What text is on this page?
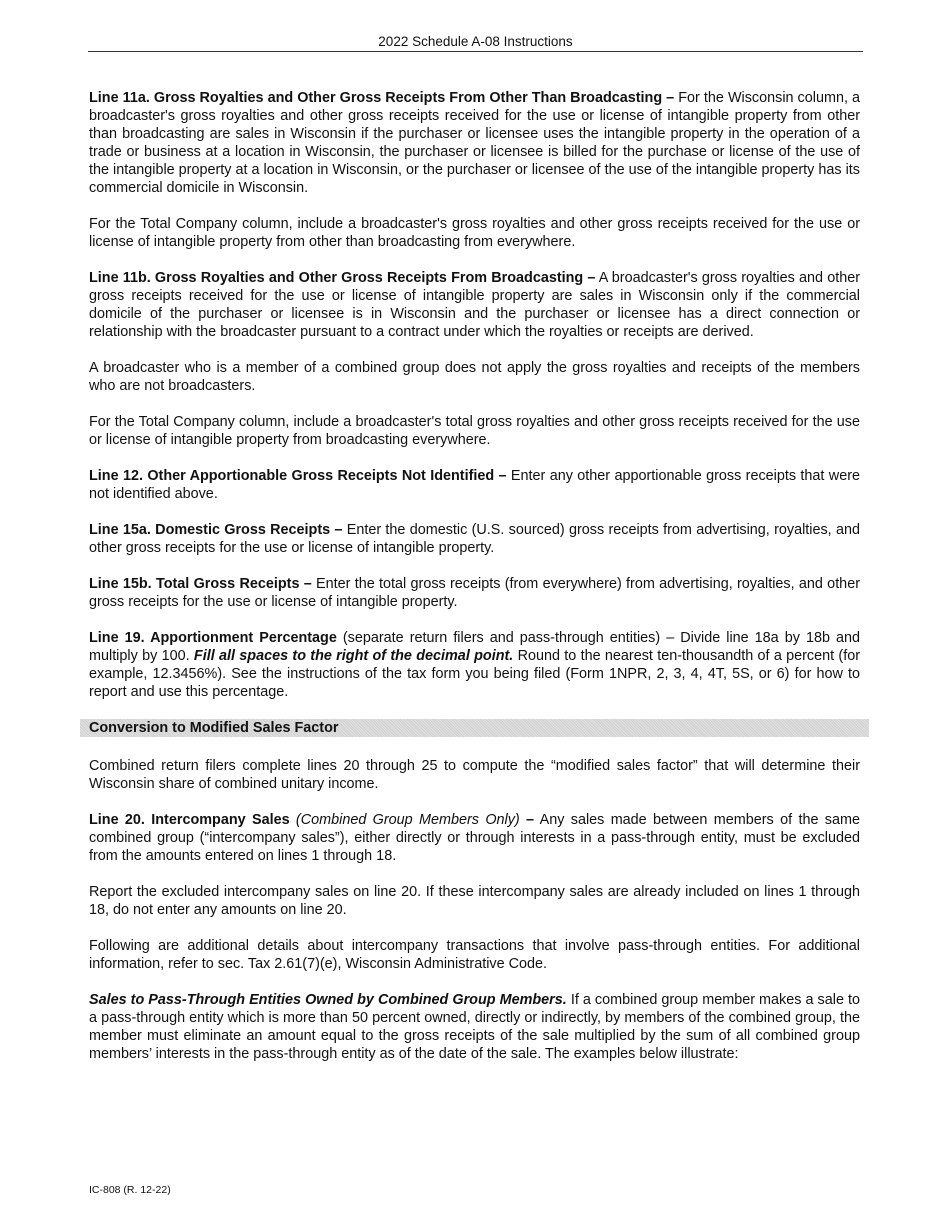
2022 Schedule A-08 Instructions

Line 11a. Gross Royalties and Other Gross Receipts From Other Than Broadcasting – For the Wisconsin column, a broadcaster's gross royalties and other gross receipts received for the use or license of intangible property from other than broadcasting are sales in Wisconsin if the purchaser or licensee uses the intangible property in the operation of a trade or business at a location in Wisconsin, the purchaser or licensee is billed for the purchase or license of the use of the intangible property at a location in Wisconsin, or the purchaser or licensee of the use of the intangible property has its commercial domicile in Wisconsin.

For the Total Company column, include a broadcaster's gross royalties and other gross receipts received for the use or license of intangible property from other than broadcasting from everywhere.

Line 11b. Gross Royalties and Other Gross Receipts From Broadcasting – A broadcaster's gross royalties and other gross receipts received for the use or license of intangible property are sales in Wisconsin only if the commercial domicile of the purchaser or licensee is in Wisconsin and the purchaser or licensee has a direct connection or relationship with the broadcaster pursuant to a contract under which the royalties or receipts are derived.

A broadcaster who is a member of a combined group does not apply the gross royalties and receipts of the members who are not broadcasters.

For the Total Company column, include a broadcaster's total gross royalties and other gross receipts received for the use or license of intangible property from broadcasting everywhere.

Line 12. Other Apportionable Gross Receipts Not Identified – Enter any other apportionable gross receipts that were not identified above.

Line 15a. Domestic Gross Receipts – Enter the domestic (U.S. sourced) gross receipts from advertising, royalties, and other gross receipts for the use or license of intangible property.

Line 15b. Total Gross Receipts – Enter the total gross receipts (from everywhere) from advertising, royalties, and other gross receipts for the use or license of intangible property.

Line 19. Apportionment Percentage (separate return filers and pass-through entities) – Divide line 18a by 18b and multiply by 100. Fill all spaces to the right of the decimal point. Round to the nearest ten-thousandth of a percent (for example, 12.3456%). See the instructions of the tax form you being filed (Form 1NPR, 2, 3, 4, 4T, 5S, or 6) for how to report and use this percentage.

Conversion to Modified Sales Factor

Combined return filers complete lines 20 through 25 to compute the “modified sales factor” that will determine their Wisconsin share of combined unitary income.

Line 20. Intercompany Sales (Combined Group Members Only) – Any sales made between members of the same combined group (“intercompany sales”), either directly or through interests in a pass-through entity, must be excluded from the amounts entered on lines 1 through 18.

Report the excluded intercompany sales on line 20. If these intercompany sales are already included on lines 1 through 18, do not enter any amounts on line 20.

Following are additional details about intercompany transactions that involve pass-through entities. For additional information, refer to sec. Tax 2.61(7)(e), Wisconsin Administrative Code.

Sales to Pass-Through Entities Owned by Combined Group Members. If a combined group member makes a sale to a pass-through entity which is more than 50 percent owned, directly or indirectly, by members of the combined group, the member must eliminate an amount equal to the gross receipts of the sale multiplied by the sum of all combined group members’ interests in the pass-through entity as of the date of the sale. The examples below illustrate:

IC-808 (R. 12-22)
